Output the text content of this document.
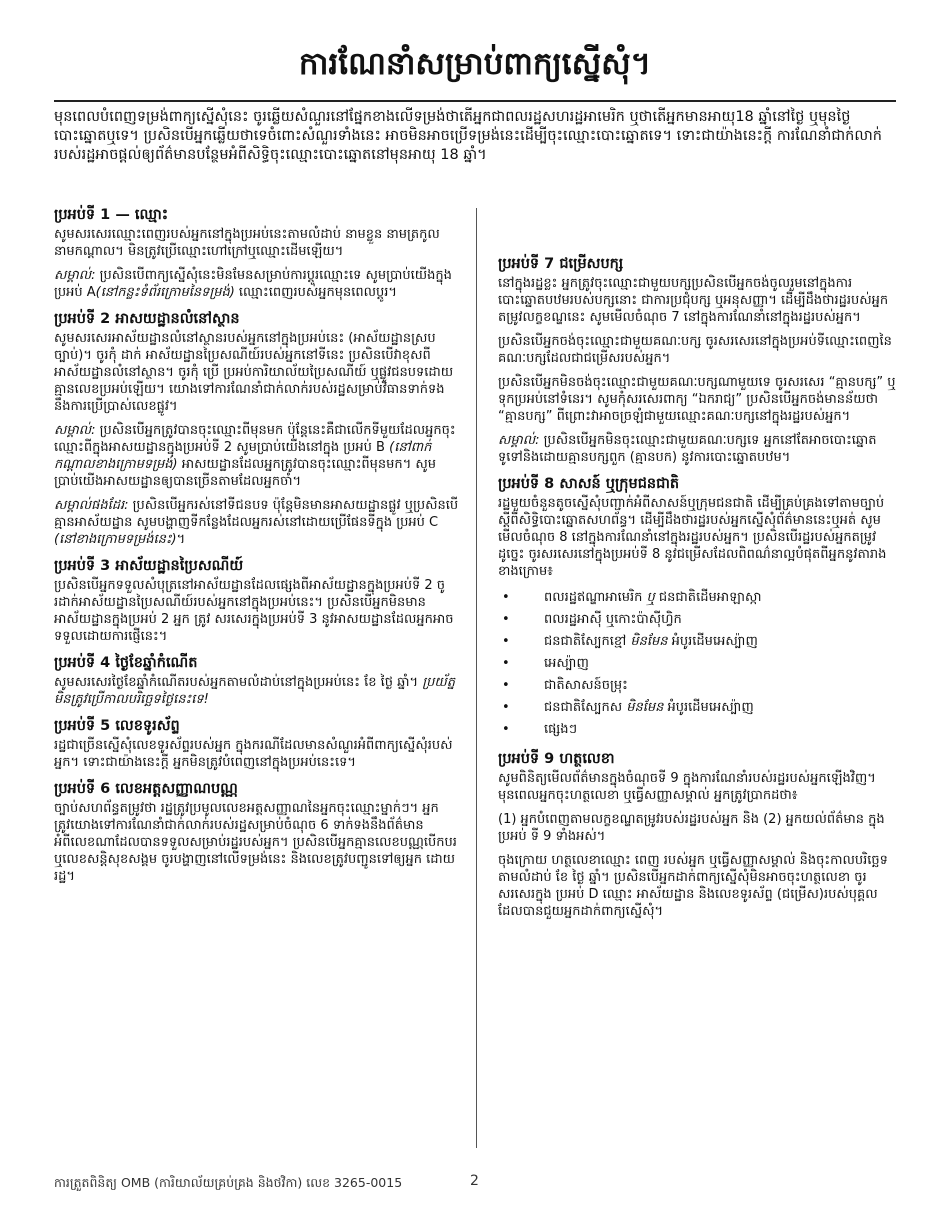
ការណែនាំសម្រាប់ពាក្យស្នើសុំ។
មុនពេលបំពេញទម្រង់ពាក្យស្នើសុំនេះ ចូរឆ្លើយសំណួរនៅផ្នែកខាងលើទម្រង់ថាតើអ្នកជាពលរដ្ឋសហរដ្ឋអាមេរិក ឬថាតើអ្នកមានអាយុ18 ឆ្នាំនៅថ្ងៃ ឬមុនថ្ងៃបោះឆ្នោតឬទេ។ ប្រសិនបើអ្នកឆ្លើយថាទេចំពោះសំណួរទាំងនេះ អាចមិនអាចប្រើទម្រង់នេះដើម្បីចុះឈ្មោះបោះឆ្នោតទេ។ ទោះជាយ៉ាងនេះក្តី ការណែនាំជាក់លាក់របស់រដ្ឋអាចផ្តល់ឲ្យព័ត៌មានបន្ថែមអំពីសិទ្ធិចុះឈ្មោះបោះឆ្នោតនៅមុនអាយុ 18 ឆ្នាំ។
ប្រអប់ទី 1 — ឈ្មោះ

សូមសរសេរឈ្មោះពេញរបស់អ្នកនៅក្នុងប្រអប់នេះតាមលំដាប់ នាមខ្លួន នាមត្រកូល នាមកណ្តាល។ មិនត្រូវប្រើឈ្មោះហៅក្រៅឬឈ្មោះដើមឡើយ។

សម្គាល់: ប្រសិនបើពាក្យស្នើសុំនេះមិនមែនសម្រាប់ការប្តូរឈ្មោះទេ សូមប្រាប់យើងក្នុង ប្រអប់ A(នៅកន្លះទំព័រក្រោមនៃទម្រង់) ឈ្មោះពេញរបស់អ្នកមុនពេលប្តូរ។

ប្រអប់ទី 2 អាសយដ្ឋានលំនៅស្ថាន

សូមសរសេរអាស័យដ្ឋានលំនៅស្ថានរបស់អ្នកនៅក្នុងប្រអប់នេះ (អាស័យដ្ឋានស្របច្បាប់)។ ចូរកុំ ដាក់ អាស័យដ្ឋានប្រៃសណីយ៍របស់អ្នកនៅទីនេះ ប្រសិនបើវាខុសពីអាស័យដ្ឋានលំនៅស្ថាន។ ចូរកុំ ប្រើ ប្រអប់ការិយាល័យប្រៃសណីយ៍ ឬផ្លូវជនបទដោយគ្មានលេខប្រអប់ឡើយ។ យោងទៅការណែនាំជាក់លាក់របស់រដ្ឋសម្រាប់វិធានទាក់ទងនឹងការប្រើប្រាស់លេខផ្លូវ។

សម្គាល់: ប្រសិនបើអ្នកត្រូវបានចុះឈ្មោះពីមុនមក ប៉ុន្តែនេះគឺជាលើកទីមួយដែលអ្នកចុះឈ្មោះពីក្នុងអាសយដ្ឋានក្នុងប្រអប់ទី 2 សូមប្រាប់យើងនៅក្នុង ប្រអប់ B (នៅពាក់កណ្តាលខាងក្រោមទម្រង់) អាសយដ្ឋានដែលអ្នកត្រូវបានចុះឈ្មោះពីមុនមក។ សូមប្រាប់យើងអាសយដ្ឋានឲ្យបានច្រើនតាមដែលអ្នកចាំ។

សម្គាល់ផងដែរ: ប្រសិនបើអ្នករស់នៅទីជនបទ ប៉ុន្តែមិនមានអាសយដ្ឋានផ្លូវ ឬប្រសិនបើគ្មានអាស័យដ្ឋាន សូមបង្ហាញទីកន្លែងដែលអ្នករស់នៅដោយប្រើផែនទីក្នុង ប្រអប់ C (នៅខាងក្រោមទម្រង់នេះ)។

ប្រអប់ទី 3 អាស័យដ្ឋានប្រៃសណីយ៍

ប្រសិនបើអ្នកទទួលសំបុត្រនៅអាស័យដ្ឋានដែលផ្សេងពីអាស័យដ្ឋានក្នុងប្រអប់ទី 2 ចូរដាក់អាស័យដ្ឋានប្រៃសណីយ៍របស់អ្នកនៅក្នុងប្រអប់នេះ។ ប្រសិនបើអ្នកមិនមានអាស័យដ្ឋានក្នុងប្រអប់ 2 អ្នក ត្រូវ សរសេរក្នុងប្រអប់ទី 3 នូវអាសយដ្ឋានដែលអ្នកអាចទទួលដោយការផ្ញើនេះ។

ប្រអប់ទី 4 ថ្ងៃខែឆ្នាំកំណើត

សូមសរសេរថ្ងៃខែឆ្នាំកំណើតរបស់អ្នកតាមលំដាប់នៅក្នុងប្រអប់នេះ ខែ ថ្ងៃ ឆ្នាំ។ ប្រយ័ត្នមិនត្រូវប្រើកាលបរិច្ឆេទថ្ងៃនេះទេ!

ប្រអប់ទី 5 លេខទូរស័ព្ទ

រដ្ឋជាច្រើនស្នើសុំលេខទូរស័ព្ទរបស់អ្នក ក្នុងករណីដែលមានសំណួរអំពីពាក្យស្នើសុំរបស់អ្នក។ ទោះជាយ៉ាងនេះក្តី អ្នកមិនត្រូវបំពេញនៅក្នុងប្រអប់នេះទេ។

ប្រអប់ទី 6 លេខអត្តសញ្ញាណបណ្ណ

ច្បាប់សហព័ន្ធតម្រូវថា រដ្ឋត្រូវប្រមូលលេខអត្តសញ្ញាណនៃអ្នកចុះឈ្មោះម្នាក់ៗ។ អ្នកត្រូវយោងទៅការណែនាំជាក់លាក់របស់រដ្ឋសម្រាប់ចំណុច 6 ទាក់ទងនឹងព័ត៌មានអំពីលេខណាដែលបានទទួលសម្រាប់រដ្ឋរបស់អ្នក។ ប្រសិនបើអ្នកគ្មានលេខបណ្ណបើកបរ ឬលេខសន្តិសុខសង្គម ចូរបង្ហាញនៅលើទម្រង់នេះ និងលេខត្រូវបញ្ជូនទៅឲ្យអ្នក ដោយរដ្ឋ។

ប្រអប់ទី 7 ជម្រើសបក្ស

នៅក្នុងរដ្ឋខ្លះ អ្នកត្រូវចុះឈ្មោះជាមួយបក្សប្រសិនបើអ្នកចង់ចូលរួមនៅក្នុងការបោះឆ្នោតបឋមរបស់បក្សនោះ ជាការប្រជុំបក្ស ឬអនុសញ្ញា។ ដើម្បីដឹងថារដ្ឋរបស់អ្នកតម្រូវលក្ខខណ្ឌនេះ សូមមើលចំណុច 7 នៅក្នុងការណែនាំនៅក្នុងរដ្ឋរបស់អ្នក។

ប្រសិនបើអ្នកចង់ចុះឈ្មោះជាមួយគណៈបក្ស ចូរសរសេរនៅក្នុងប្រអប់ទីឈ្មោះពេញនៃគណៈបក្សដែលជាជម្រើសរបស់អ្នក។

ប្រសិនបើអ្នកមិនចង់ចុះឈ្មោះជាមួយគណៈបក្សណាមួយទេ ចូរសរសេរ “គ្មានបក្ស” ឬទុកប្រអប់នៅទំនេរ។ សូមកុំសរសេរពាក្យ “ឯករាជ្យ” ប្រសិនបើអ្នកចង់មានន័យថា “គ្មានបក្ស” ពីព្រោះវាអាចច្រឡំជាមួយឈ្មោះគណៈបក្សនៅក្នុងរដ្ឋរបស់អ្នក។

សម្គាល់: ប្រសិនបើអ្នកមិនចុះឈ្មោះជាមួយគណៈបក្សទេ អ្នកនៅតែអាចបោះឆ្នោតទូទៅនិងដោយគ្មានបក្សពួក (គ្មានបក) នូវការបោះឆ្នោតបឋម។

ប្រអប់ទី 8 សាសន៍ ឬក្រុមជនជាតិ

រដ្ឋមួយចំនួនតូចស្នើសុំបញ្ជាក់អំពីសាសន៍ឬក្រុមជនជាតិ ដើម្បីគ្រប់គ្រងទៅតាមច្បាប់ស្តីពីសិទ្ធិបោះឆ្នោតសហព័ន្ធ។ ដើម្បីដឹងថារដ្ឋរបស់អ្នកស្នើសុំព័ត៌មាននេះឬអត់ សូមមើលចំណុច 8 នៅក្នុងការណែនាំនៅក្នុងរដ្ឋរបស់អ្នក។ ប្រសិនបើរដ្ឋរបស់អ្នកតម្រូវដូច្នេះ ចូរសរសេរនៅក្នុងប្រអប់ទី 8 នូវជម្រើសដែលពិពណ៌នាល្អបំផុតពីអ្នកនូវតារាងខាងក្រោម៖

• ពលរដ្ឋឥណ្ឌាអាមេរិក ឬ ជនជាតិដើមអាឡាស្កា
• ពលរដ្ឋអាស៊ី ឬកោះប៉ាស៊ីហ្វិក
• ជនជាតិស្បែកខ្មៅ មិនមែន អំបូរដើមអេស្ប៉ាញ
• អេស្ប៉ាញ
• ជាតិសាសន៍ចម្រុះ
• ជនជាតិស្បែកស មិនមែន អំបូរដើមអេស្ប៉ាញ
• ផ្សេងៗ
ប្រអប់ទី 9 ហត្ថលេខា

សូមពិនិត្យមើលព័ត៌មានក្នុងចំណុចទី 9 ក្នុងការណែនាំរបស់រដ្ឋរបស់អ្នកឡើងវិញ។ មុនពេលអ្នកចុះហត្ថលេខា ឬធ្វើសញ្ញាសម្គាល់ អ្នកត្រូវប្រាកដថា៖

(1) អ្នកបំពេញតាមលក្ខខណ្ឌតម្រូវរបស់រដ្ឋរបស់អ្នក និង (2) អ្នកយល់ព័ត៌មាន ក្នុងប្រអប់ ទី 9 ទាំងអស់។

ចុងក្រោយ ហត្ថលេខាឈ្មោះ ពេញ របស់អ្នក ឬធ្វើសញ្ញាសម្គាល់ និងចុះកាលបរិច្ឆេទ តាមលំដាប់ ខែ ថ្ងៃ ឆ្នាំ។ ប្រសិនបើអ្នកដាក់ពាក្យស្នើសុំមិនអាចចុះហត្ថលេខា ចូរសរសេរក្នុង ប្រអប់ D ឈ្មោះ អាស័យដ្ឋាន និងលេខទូរស័ព្ទ (ជម្រើស)របស់បុគ្គលដែលបានជួយអ្នកដាក់ពាក្យស្នើសុំ។

ការត្រួតពិនិត្យ OMB (ការិយាល័យគ្រប់គ្រង និងថវិកា) លេខ 3265-0015	2
